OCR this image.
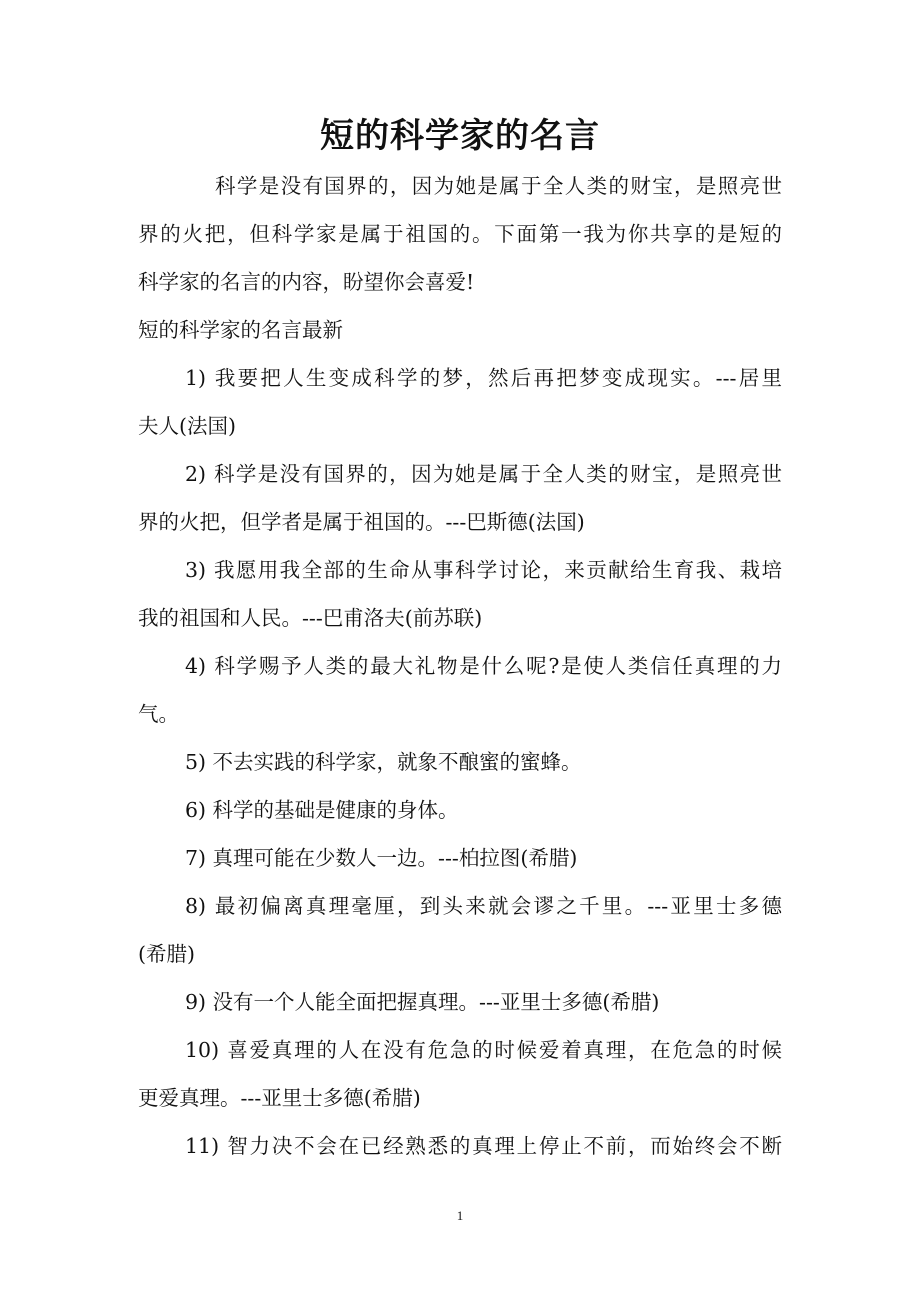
短的科学家的名言
科学是没有国界的，因为她是属于全人类的财宝，是照亮世
界的火把，但科学家是属于祖国的。下面第一我为你共享的是短的
科学家的名言的内容，盼望你会喜爱!
短的科学家的名言最新
1) 我要把人生变成科学的梦，然后再把梦变成现实。---居里
夫人(法国)
2) 科学是没有国界的，因为她是属于全人类的财宝，是照亮世
界的火把，但学者是属于祖国的。---巴斯德(法国)
3) 我愿用我全部的生命从事科学讨论，来贡献给生育我、栽培
我的祖国和人民。---巴甫洛夫(前苏联)
4) 科学赐予人类的最大礼物是什么呢?是使人类信任真理的力
气。
5) 不去实践的科学家，就象不酿蜜的蜜蜂。
6) 科学的基础是健康的身体。
7) 真理可能在少数人一边。---柏拉图(希腊)
8) 最初偏离真理毫厘，到头来就会谬之千里。---亚里士多德
(希腊)
9) 没有一个人能全面把握真理。---亚里士多德(希腊)
10) 喜爱真理的人在没有危急的时候爱着真理，在危急的时候
更爱真理。---亚里士多德(希腊)
11) 智力决不会在已经熟悉的真理上停止不前，而始终会不断
1
